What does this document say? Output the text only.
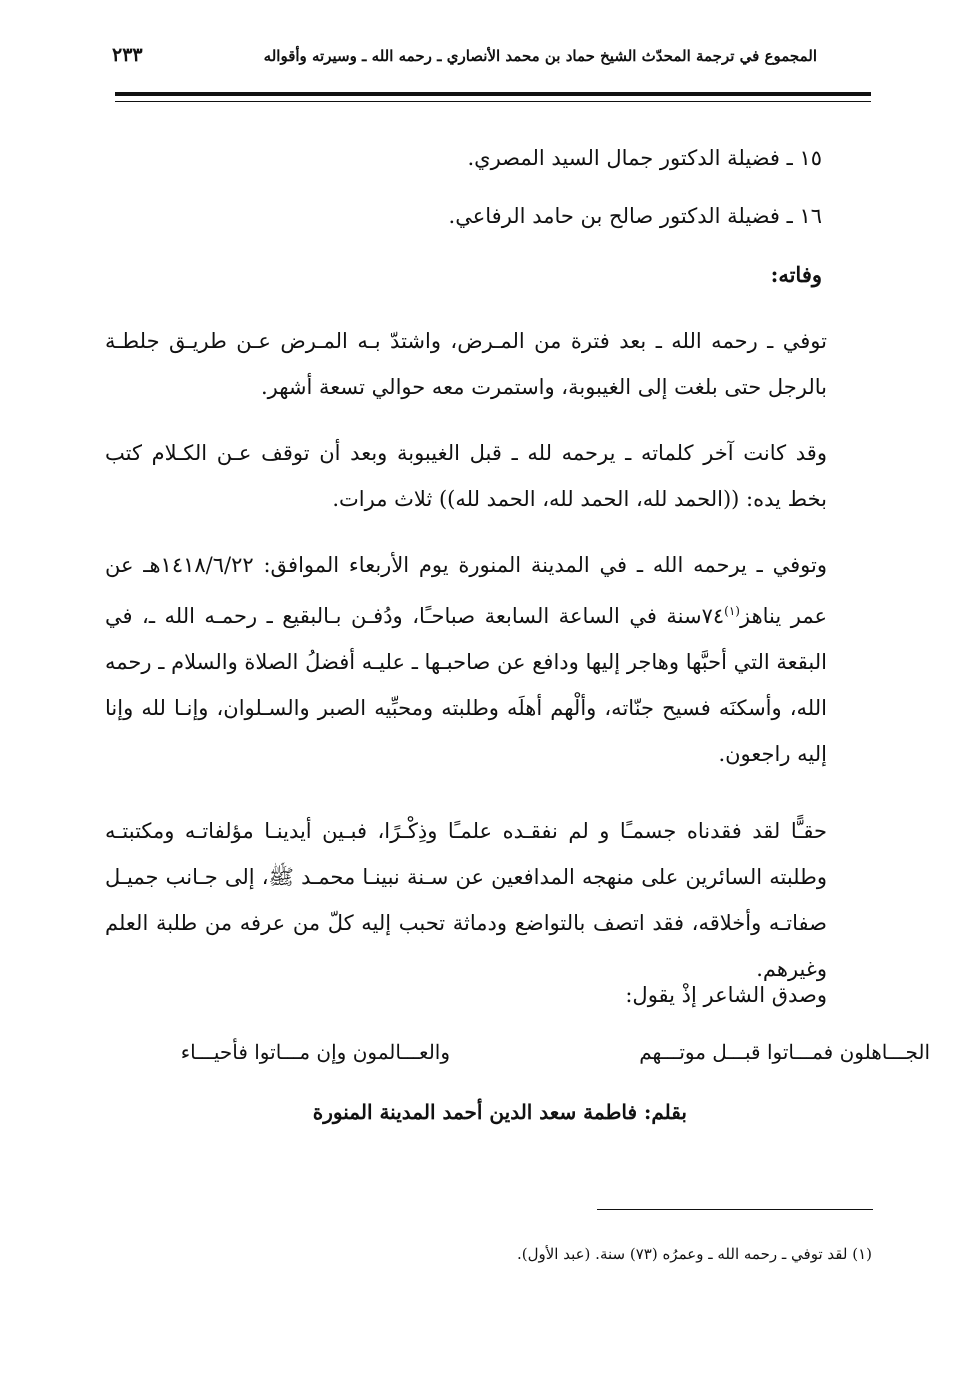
المجموع في ترجمة المحدّث الشيخ حماد بن محمد الأنصاري ـ رحمه الله ـ وسيرته وأقواله
٢٣٣
١٥ ـ فضيلة الدكتور جمال السيد المصري.
١٦ ـ فضيلة الدكتور صالح بن حامد الرفاعي.
وفاته:
توفي ـ رحمه الله ـ بعد فترة من المـرض، واشتدّ بـه المـرض عـن طريـق جلطـة بالرجل حتى بلغت إلى الغيبوبة، واستمرت معه حوالي تسعة أشهر.
وقد كانت آخر كلماته ـ يرحمه لله ـ قبل الغيبوبة وبعد أن توقف عـن الكـلام كتب بخط يده: ((الحمد لله، الحمد لله، الحمد لله)) ثلاث مرات.
وتوفي ـ يرحمه الله ـ في المدينة المنورة يوم الأربعاء الموافق: ١٤١٨/٦/٢٢هـ عن عمر يناهز$^{(١)}$٧٤سنة في الساعة السابعة صباحـًا، ودُفـن بـالبقيع ـ رحمـه الله ـ، في البقعة التي أحبَّها وهاجر إليها ودافع عن صاحبـها ـ عليـه أفضلُ الصلاة والسلام ـ رحمه الله، وأسكنَه فسيح جنّاته، وألْهم أهلَه وطلبته ومحبِّيه الصبر والسـلوان، وإنـا لله وإنا إليه راجعون.
حقـًّا لقد فقدناه جسمـًا و لم نفقـده علمـًا وذِكْـرًا، فبـين أيدينـا مؤلفاتـه ومكتبتـه وطلبته السائرين على منهجه المدافعين عن سـنة نبينـا محمـد ﷺ، إلى جـانب جميـل صفاتـه وأخلاقه، فقد اتصف بالتواضع ودماثة تحبب إليه كلّ من عرفه من طلبة العلم وغيرهم.
وصدق الشاعر إذْ يقول:
الجـــاهلون فمـــاتوا قبـــل موتـــهم
والعـــالمون وإن مـــاتوا فأحيـــاء
بقلم: فاطمة سعد الدين أحمد المدينة المنورة
(١) لقد توفي ـ رحمه الله ـ وعمرُه (٧٣) سنة. (عبد الأول).
